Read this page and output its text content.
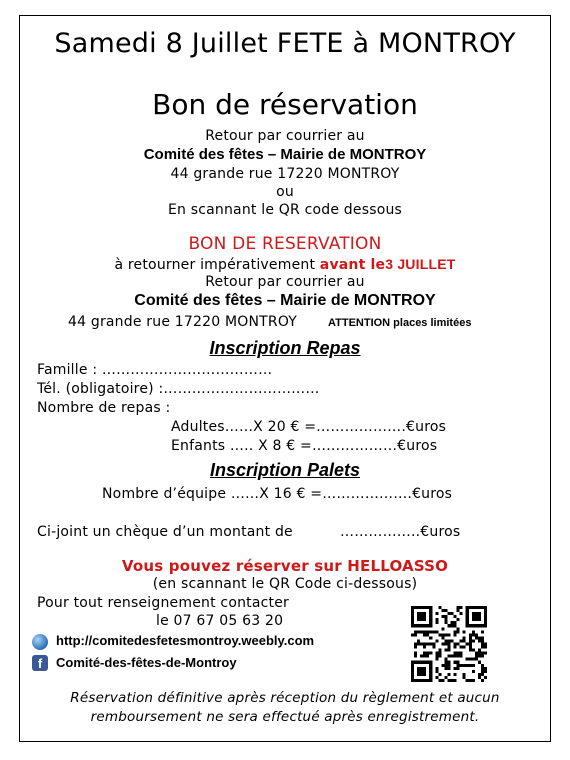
Samedi 8 Juillet FETE à MONTROY
Bon de réservation
Retour par courrier au
Comité des fêtes – Mairie de MONTROY
44 grande rue 17220 MONTROY
ou
En scannant le QR code dessous
BON DE RESERVATION
à retourner impérativement avant le3 JUILLET
Retour par courrier au
Comité des fêtes – Mairie de MONTROY
44 grande rue 17220 MONTROY	ATTENTION places limitées
Inscription Repas
Famille : ………………………………
Tél. (obligatoire) :……………………………
Nombre de repas :
Adultes……X 20 € =……………….€uros
Enfants ….. X 8 € =………………€uros
Inscription Palets
Nombre d’équipe ……X 16 € =……………….€uros
Ci-joint un chèque d’un montant de	……………..€uros
Vous pouvez réserver sur HELLOASSO
(en scannant le QR Code ci-dessous)
Pour tout renseignement contacter
le 07 67 05 63 20
http://comitedesfetesmontroy.weebly.com
f	Comité-des-fêtes-de-Montroy
Réservation définitive après réception du règlement et aucun
remboursement ne sera effectué après enregistrement.
